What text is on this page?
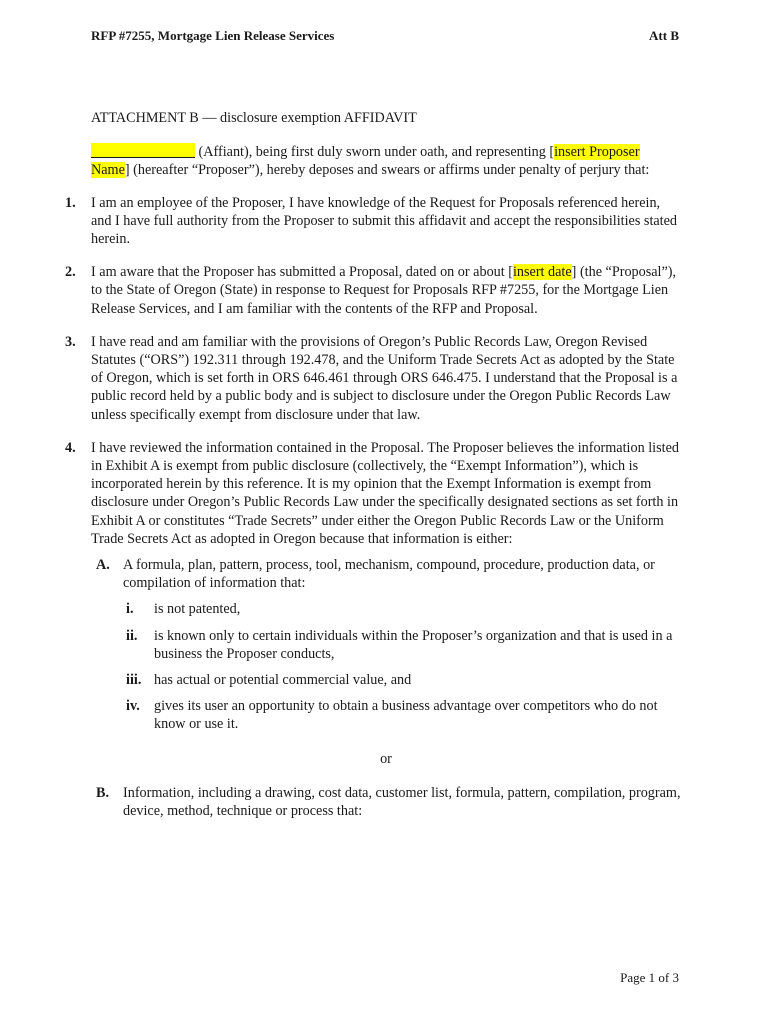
RFP #7255, Mortgage Lien Release Services	Att B
ATTACHMENT B — disclosure exemption AFFIDAVIT
(Affiant), being first duly sworn under oath, and representing [insert Proposer Name] (hereafter “Proposer”), hereby deposes and swears or affirms under penalty of perjury that:
1. I am an employee of the Proposer, I have knowledge of the Request for Proposals referenced herein, and I have full authority from the Proposer to submit this affidavit and accept the responsibilities stated herein.
2. I am aware that the Proposer has submitted a Proposal, dated on or about [insert date] (the “Proposal”), to the State of Oregon (State) in response to Request for Proposals RFP #7255, for the Mortgage Lien Release Services, and I am familiar with the contents of the RFP and Proposal.
3. I have read and am familiar with the provisions of Oregon’s Public Records Law, Oregon Revised Statutes (“ORS”) 192.311 through 192.478, and the Uniform Trade Secrets Act as adopted by the State of Oregon, which is set forth in ORS 646.461 through ORS 646.475. I understand that the Proposal is a public record held by a public body and is subject to disclosure under the Oregon Public Records Law unless specifically exempt from disclosure under that law.
4. I have reviewed the information contained in the Proposal. The Proposer believes the information listed in Exhibit A is exempt from public disclosure (collectively, the “Exempt Information”), which is incorporated herein by this reference. It is my opinion that the Exempt Information is exempt from disclosure under Oregon’s Public Records Law under the specifically designated sections as set forth in Exhibit A or constitutes “Trade Secrets” under either the Oregon Public Records Law or the Uniform Trade Secrets Act as adopted in Oregon because that information is either:
A. A formula, plan, pattern, process, tool, mechanism, compound, procedure, production data, or compilation of information that:
i. is not patented,
ii. is known only to certain individuals within the Proposer’s organization and that is used in a business the Proposer conducts,
iii. has actual or potential commercial value, and
iv. gives its user an opportunity to obtain a business advantage over competitors who do not know or use it.
or
B. Information, including a drawing, cost data, customer list, formula, pattern, compilation, program, device, method, technique or process that:
Page 1 of 3
